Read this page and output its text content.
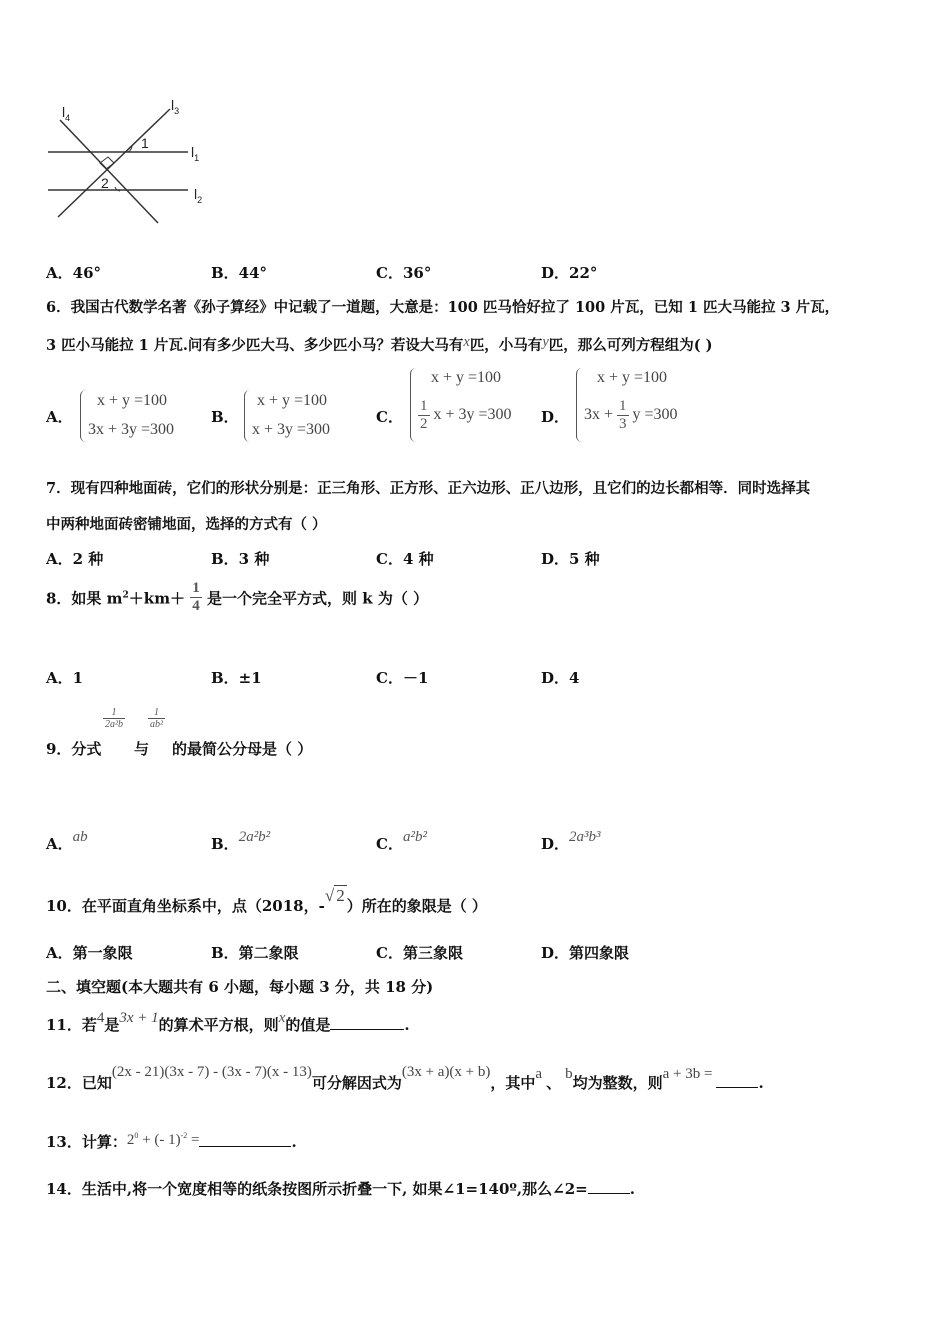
1
2
$l_1$
$l_2$
$l_3$
$l_4$
A．46°	B．44°	C．36°	D．22°
6．我国古代数学名著《孙子算经》中记载了一道题，大意是：100 匹马恰好拉了 100 片瓦，已知 1 匹大马能拉 3 片瓦，
3 匹小马能拉 1 片瓦.问有多少匹大马、多少匹小马？若设大马有x匹，小马有y匹，那么可列方程组为( )
A．
x + y =100
3x + 3y =300
B．
x + y =100
x + 3y =300
C．
x + y =100
$\frac{1}{2}$ x + 3y =300 D．
x + y =100
$3x + \frac{1}{3}$ y =300
7．现有四种地面砖，它们的形状分别是：正三角形、正方形、正六边形、正八边形，且它们的边长都相等．同时选择其
中两种地面砖密铺地面，选择的方式有（ ）
A．2 种	B．3 种	C．4 种	D．5 种
8．如果 $m^2+km+ \frac{1}{4}$ 是一个完全平方式，则 k 为（ ）
A．1	B．±1	C．－1	D．4
9．分式
$\frac{1}{\text{2a²b}}$
与
$\frac{1}{\text{ab²}}$
的最简公分母是（ ）
A．ab	B．2a²b²	C．a²b²	D．2a³b³
10．在平面直角坐标系中，点（2018，-√ 2）所在的象限是（ ）
A．第一象限	B．第二象限	C．第三象限	D．第四象限
二、填空题(本大题共有 6 小题，每小题 3 分，共 18 分)
11．若4是3x + 1的算术平方根，则x的值是	.
12．已知(2x - 21)(3x - 7) - (3x - 7)(x - 13)可分解因式为(3x + a)(x + b)，其中a 、 b均为整数，则a + 3b =	.
13．计算：$2^0$ + (- 1)$^{-2}$ =	.
14．生活中,将一个宽度相等的纸条按图所示折叠一下, 如果∠1=140º,那么∠2=	.
